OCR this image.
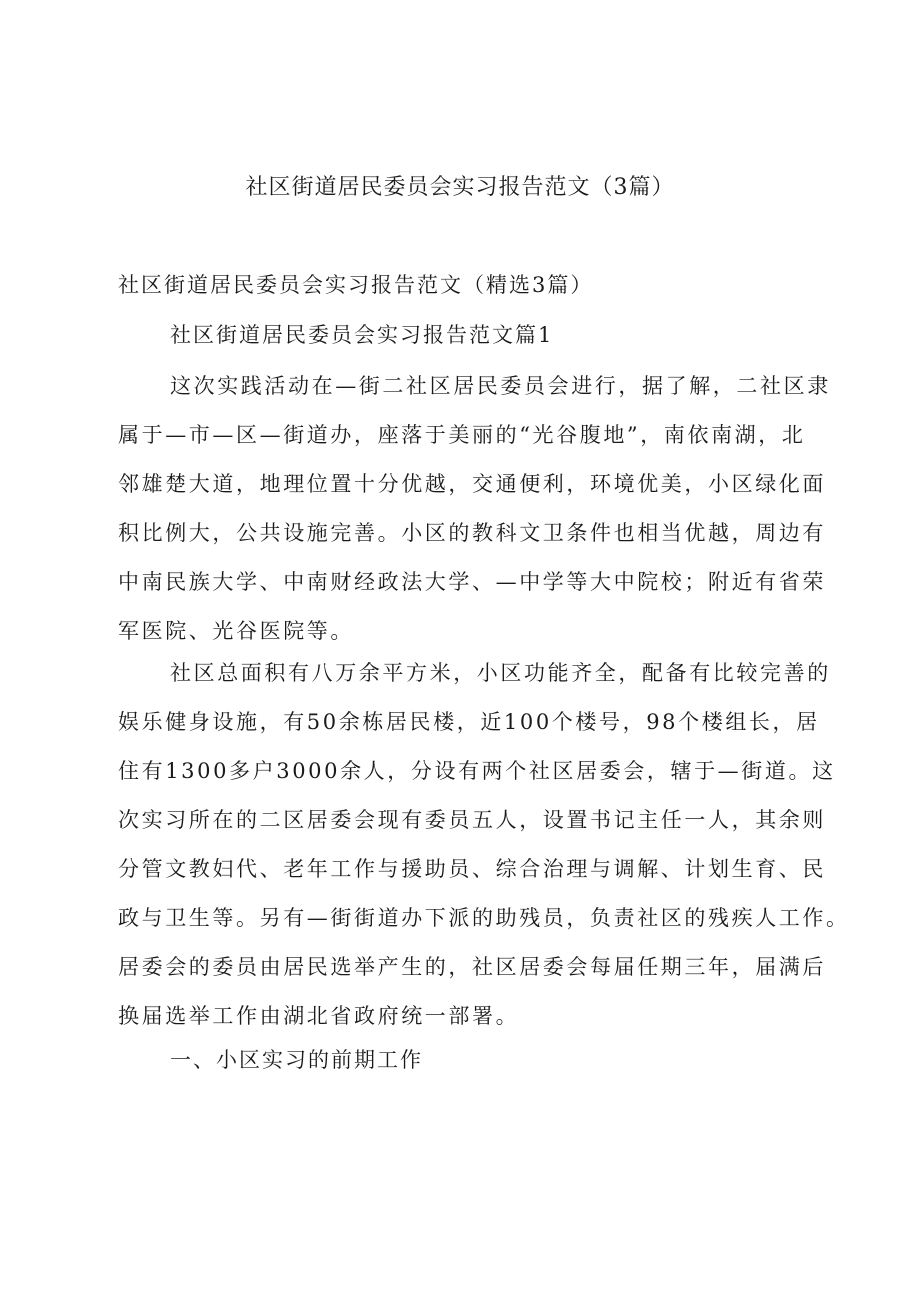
社区街道居民委员会实习报告范文（3篇）
社区街道居民委员会实习报告范文（精选3篇）
社区街道居民委员会实习报告范文篇1
这次实践活动在—街二社区居民委员会进行，据了解，二社区隶
属于—市—区—街道办，座落于美丽的“光谷腹地”，南依南湖，北
邻雄楚大道，地理位置十分优越，交通便利，环境优美，小区绿化面
积比例大，公共设施完善。小区的教科文卫条件也相当优越，周边有
中南民族大学、中南财经政法大学、—中学等大中院校；附近有省荣
军医院、光谷医院等。
社区总面积有八万余平方米，小区功能齐全，配备有比较完善的
娱乐健身设施，有50余栋居民楼，近100个楼号，98个楼组长，居
住有1300多户3000余人，分设有两个社区居委会，辖于—街道。这
次实习所在的二区居委会现有委员五人，设置书记主任一人，其余则
分管文教妇代、老年工作与援助员、综合治理与调解、计划生育、民
政与卫生等。另有—街街道办下派的助残员，负责社区的残疾人工作。
居委会的委员由居民选举产生的，社区居委会每届任期三年，届满后
换届选举工作由湖北省政府统一部署。
一、小区实习的前期工作
